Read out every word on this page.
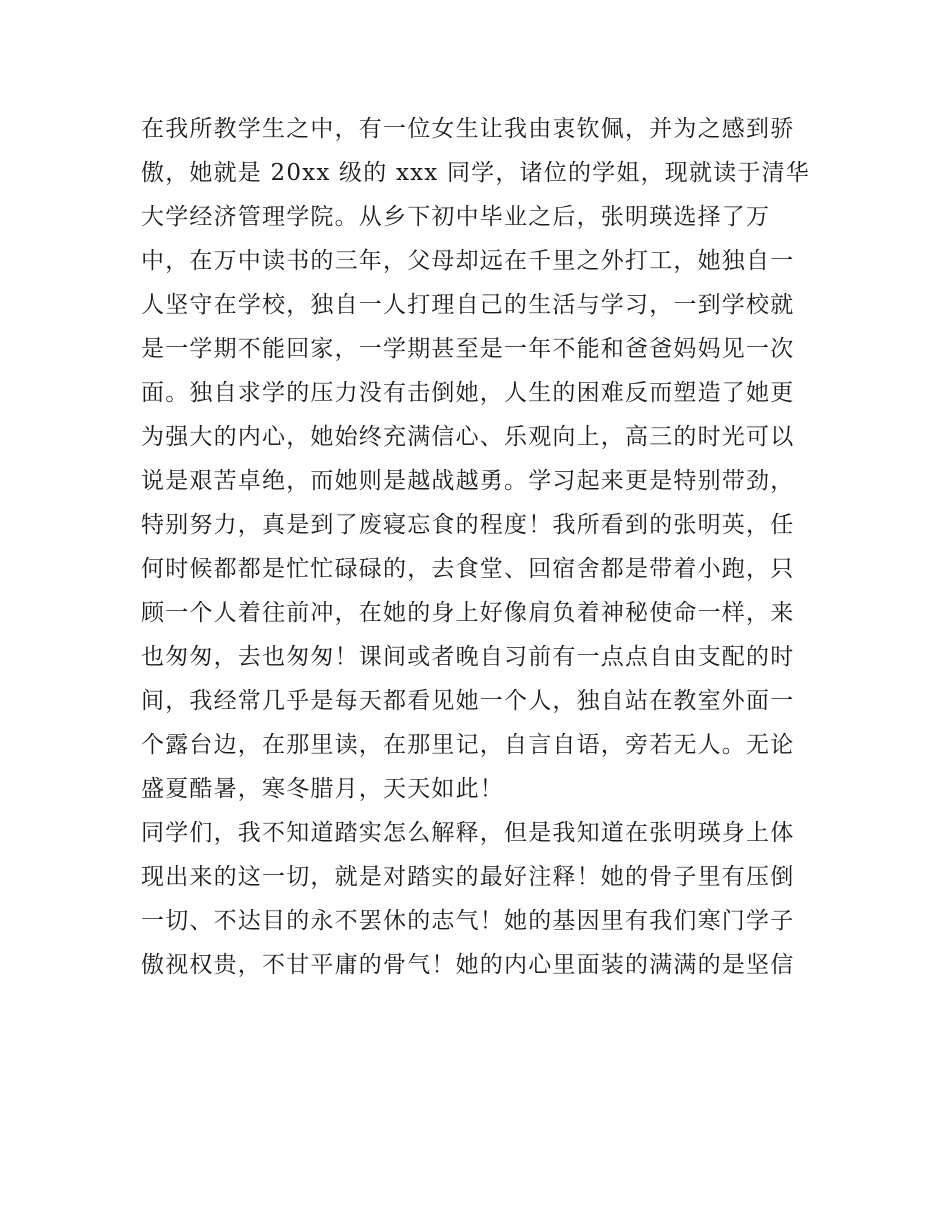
在我所教学生之中，有一位女生让我由衷钦佩，并为之感到骄
傲，她就是 20xx 级的 xxx 同学，诸位的学姐，现就读于清华
大学经济管理学院。从乡下初中毕业之后，张明瑛选择了万
中，在万中读书的三年，父母却远在千里之外打工，她独自一
人坚守在学校，独自一人打理自己的生活与学习，一到学校就
是一学期不能回家，一学期甚至是一年不能和爸爸妈妈见一次
面。独自求学的压力没有击倒她，人生的困难反而塑造了她更
为强大的内心，她始终充满信心、乐观向上，高三的时光可以
说是艰苦卓绝，而她则是越战越勇。学习起来更是特别带劲，
特别努力，真是到了废寝忘食的程度！我所看到的张明英，任
何时候都都是忙忙碌碌的，去食堂、回宿舍都是带着小跑，只
顾一个人着往前冲，在她的身上好像肩负着神秘使命一样，来
也匆匆，去也匆匆！课间或者晚自习前有一点点自由支配的时
间，我经常几乎是每天都看见她一个人，独自站在教室外面一
个露台边，在那里读，在那里记，自言自语，旁若无人。无论
盛夏酷暑，寒冬腊月，天天如此！
同学们，我不知道踏实怎么解释，但是我知道在张明瑛身上体
现出来的这一切，就是对踏实的最好注释！她的骨子里有压倒
一切、不达目的永不罢休的志气！她的基因里有我们寒门学子
傲视权贵，不甘平庸的骨气！她的内心里面装的满满的是坚信
